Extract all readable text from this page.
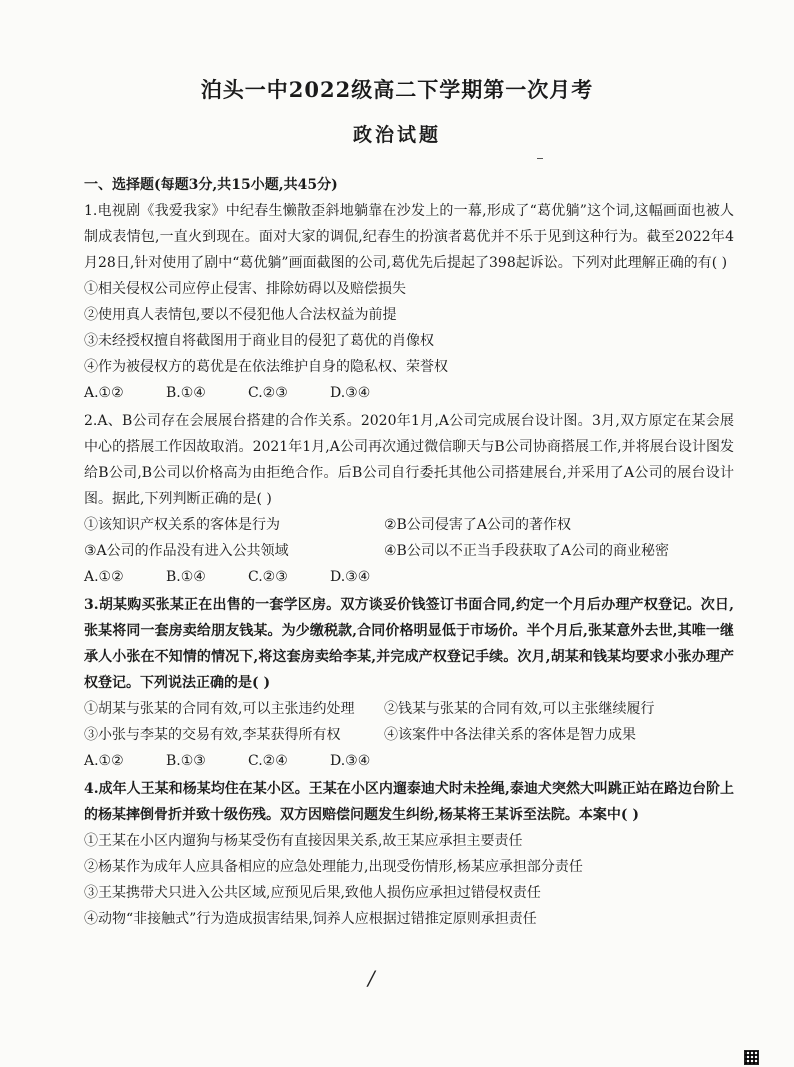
泊头一中2022级高二下学期第一次月考
政治试题
一、选择题(每题3分,共15小题,共45分)
1.电视剧《我爱我家》中纪春生懒散歪斜地躺靠在沙发上的一幕,形成了“葛优躺”这个词,这幅画面也被人制成表情包,一直火到现在。面对大家的调侃,纪春生的扮演者葛优并不乐于见到这种行为。截至2022年4月28日,针对使用了剧中“葛优躺”画面截图的公司,葛优先后提起了398起诉讼。下列对此理解正确的有( )
①相关侵权公司应停止侵害、排除妨碍以及赔偿损失
②使用真人表情包,要以不侵犯他人合法权益为前提
③未经授权擅自将截图用于商业目的侵犯了葛优的肖像权
④作为被侵权方的葛优是在依法维护自身的隐私权、荣誉权
A.①②	B.①④	C.②③	D.③④
2.A、B公司存在会展展台搭建的合作关系。2020年1月,A公司完成展台设计图。3月,双方原定在某会展中心的搭展工作因故取消。2021年1月,A公司再次通过微信聊天与B公司协商搭展工作,并将展台设计图发给B公司,B公司以价格高为由拒绝合作。后B公司自行委托其他公司搭建展台,并采用了A公司的展台设计图。据此,下列判断正确的是( )
①该知识产权关系的客体是行为	②B公司侵害了A公司的著作权
③A公司的作品没有进入公共领域	④B公司以不正当手段获取了A公司的商业秘密
A.①②	B.①④	C.②③	D.③④
3.胡某购买张某正在出售的一套学区房。双方谈妥价钱签订书面合同,约定一个月后办理产权登记。次日,张某将同一套房卖给朋友钱某。为少缴税款,合同价格明显低于市场价。半个月后,张某意外去世,其唯一继承人小张在不知情的情况下,将这套房卖给李某,并完成产权登记手续。次月,胡某和钱某均要求小张办理产权登记。下列说法正确的是( )
①胡某与张某的合同有效,可以主张违约处理	②钱某与张某的合同有效,可以主张继续履行
③小张与李某的交易有效,李某获得所有权	④该案件中各法律关系的客体是智力成果
A.①②	B.①③	C.②④	D.③④
4.成年人王某和杨某均住在某小区。王某在小区内遛泰迪犬时未拴绳,泰迪犬突然大叫跳正站在路边台阶上的杨某摔倒骨折并致十级伤残。双方因赔偿问题发生纠纷,杨某将王某诉至法院。本案中( )
①王某在小区内遛狗与杨某受伤有直接因果关系,故王某应承担主要责任
②杨某作为成年人应具备相应的应急处理能力,出现受伤情形,杨某应承担部分责任
③王某携带犬只进入公共区域,应预见后果,致他人损伤应承担过错侵权责任
④动物“非接触式”行为造成损害结果,饲养人应根据过错推定原则承担责任
/
